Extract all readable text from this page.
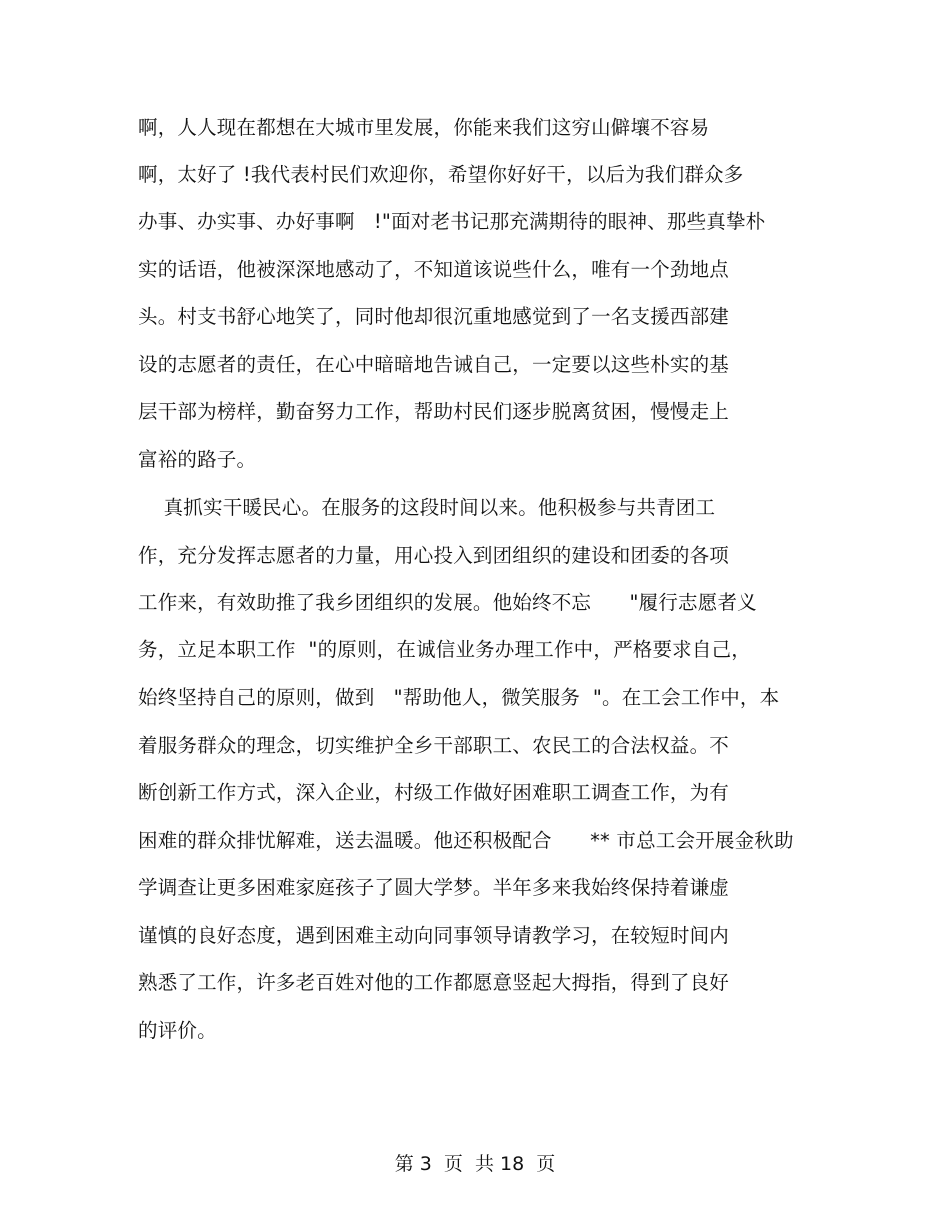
啊，人人现在都想在大城市里发展，你能来我们这穷山僻壤不容易
啊，太好了 !我代表村民们欢迎你，希望你好好干，以后为我们群众多
办事、办实事、办好事啊   !"面对老书记那充满期待的眼神、那些真挚朴
实的话语，他被深深地感动了，不知道该说些什么，唯有一个劲地点
头。村支书舒心地笑了，同时他却很沉重地感觉到了一名支援西部建
设的志愿者的责任，在心中暗暗地告诫自己，一定要以这些朴实的基
层干部为榜样，勤奋努力工作，帮助村民们逐步脱离贫困，慢慢走上
富裕的路子。
真抓实干暖民心。在服务的这段时间以来。他积极参与共青团工
作，充分发挥志愿者的力量，用心投入到团组织的建设和团委的各项
工作来，有效助推了我乡团组织的发展。他始终不忘      "履行志愿者义
务，立足本职工作  "的原则，在诚信业务办理工作中，严格要求自己，
始终坚持自己的原则，做到   "帮助他人，微笑服务  "。在工会工作中，本
着服务群众的理念，切实维护全乡干部职工、农民工的合法权益。不
断创新工作方式，深入企业，村级工作做好困难职工调查工作，为有
困难的群众排忧解难，送去温暖。他还积极配合      ** 市总工会开展金秋助
学调查让更多困难家庭孩子了圆大学梦。半年多来我始终保持着谦虚
谨慎的良好态度，遇到困难主动向同事领导请教学习，在较短时间内
熟悉了工作，许多老百姓对他的工作都愿意竖起大拇指，得到了良好
的评价。
第 3  页  共 18  页
